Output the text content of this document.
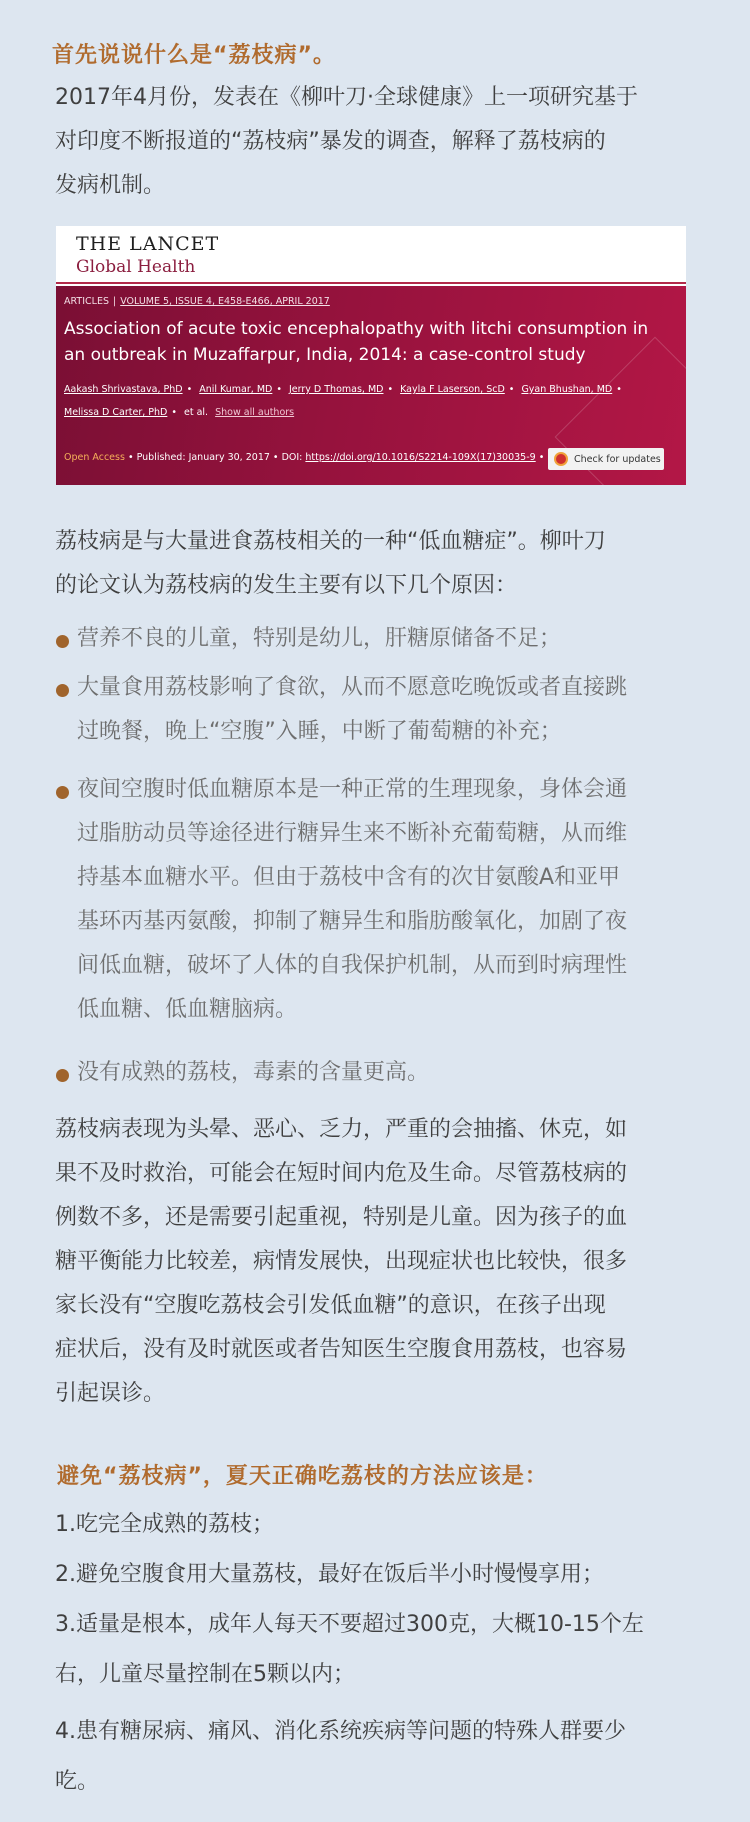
首先说说什么是“荔枝病”。
2017年4月份，发表在《柳叶刀·全球健康》上一项研究基于
对印度不断报道的“荔枝病”暴发的调查，解释了荔枝病的
发病机制。
THE LANCET
Global Health
ARTICLES | VOLUME 5, ISSUE 4, E458-E466, APRIL 2017
Association of acute toxic encephalopathy with litchi consumption in an outbreak in Muzaffarpur, India, 2014: a case-control study
Aakash Shrivastava, PhD • Anil Kumar, MD • Jerry D Thomas, MD • Kayla F Laserson, ScD • Gyan Bhushan, MD •
Melissa D Carter, PhD • et al. Show all authors
Open Access • Published: January 30, 2017 • DOI: https://doi.org/10.1016/S2214-109X(17)30035-9 •	Check for updates
荔枝病是与大量进食荔枝相关的一种“低血糖症”。柳叶刀
的论文认为荔枝病的发生主要有以下几个原因：
营养不良的儿童，特别是幼儿，肝糖原储备不足；
大量食用荔枝影响了食欲，从而不愿意吃晚饭或者直接跳
过晚餐，晚上“空腹”入睡，中断了葡萄糖的补充；
夜间空腹时低血糖原本是一种正常的生理现象，身体会通
过脂肪动员等途径进行糖异生来不断补充葡萄糖，从而维
持基本血糖水平。但由于荔枝中含有的次甘氨酸A和亚甲
基环丙基丙氨酸，抑制了糖异生和脂肪酸氧化，加剧了夜
间低血糖，破坏了人体的自我保护机制，从而到时病理性
低血糖、低血糖脑病。
没有成熟的荔枝，毒素的含量更高。
荔枝病表现为头晕、恶心、乏力，严重的会抽搐、休克，如
果不及时救治，可能会在短时间内危及生命。尽管荔枝病的
例数不多，还是需要引起重视，特别是儿童。因为孩子的血
糖平衡能力比较差，病情发展快，出现症状也比较快，很多
家长没有“空腹吃荔枝会引发低血糖”的意识，在孩子出现
症状后，没有及时就医或者告知医生空腹食用荔枝，也容易
引起误诊。
避免“荔枝病”，夏天正确吃荔枝的方法应该是：
1.吃完全成熟的荔枝；
2.避免空腹食用大量荔枝，最好在饭后半小时慢慢享用；
3.适量是根本，成年人每天不要超过300克，大概10-15个左
右，儿童尽量控制在5颗以内；
4.患有糖尿病、痛风、消化系统疾病等问题的特殊人群要少
吃。
